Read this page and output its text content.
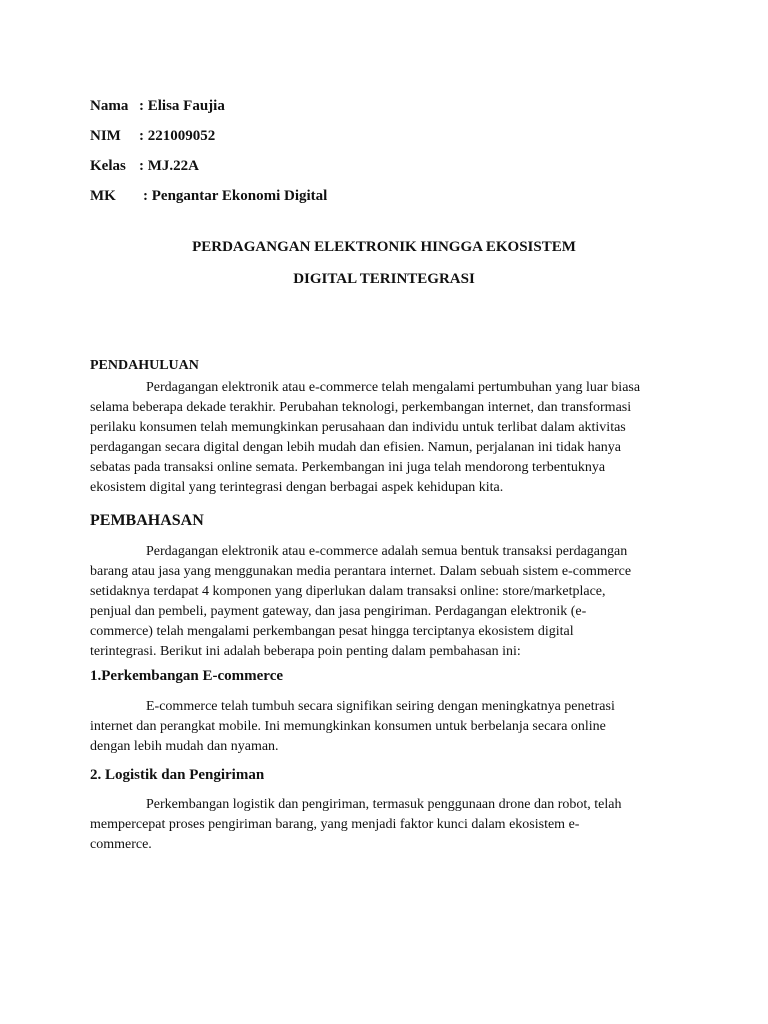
Nama : Elisa Faujia
NIM	: 221009052
Kelas : MJ.22A
MK	: Pengantar Ekonomi Digital
PERDAGANGAN ELEKTRONIK HINGGA EKOSISTEM
DIGITAL TERINTEGRASI
PENDAHULUAN
Perdagangan elektronik atau e-commerce telah mengalami pertumbuhan yang luar biasa
selama beberapa dekade terakhir. Perubahan teknologi, perkembangan internet, dan transformasi
perilaku konsumen telah memungkinkan perusahaan dan individu untuk terlibat dalam aktivitas
perdagangan secara digital dengan lebih mudah dan efisien. Namun, perjalanan ini tidak hanya
sebatas pada transaksi online semata. Perkembangan ini juga telah mendorong terbentuknya
ekosistem digital yang terintegrasi dengan berbagai aspek kehidupan kita.
PEMBAHASAN
Perdagangan elektronik atau e-commerce adalah semua bentuk transaksi perdagangan
barang atau jasa yang menggunakan media perantara internet. Dalam sebuah sistem e-commerce
setidaknya terdapat 4 komponen yang diperlukan dalam transaksi online: store/marketplace,
penjual dan pembeli, payment gateway, dan jasa pengiriman. Perdagangan elektronik (e-
commerce) telah mengalami perkembangan pesat hingga terciptanya ekosistem digital
terintegrasi. Berikut ini adalah beberapa poin penting dalam pembahasan ini:
1.Perkembangan E-commerce
E-commerce telah tumbuh secara signifikan seiring dengan meningkatnya penetrasi
internet dan perangkat mobile. Ini memungkinkan konsumen untuk berbelanja secara online
dengan lebih mudah dan nyaman.
2. Logistik dan Pengiriman
Perkembangan logistik dan pengiriman, termasuk penggunaan drone dan robot, telah
mempercepat proses pengiriman barang, yang menjadi faktor kunci dalam ekosistem e-
commerce.
